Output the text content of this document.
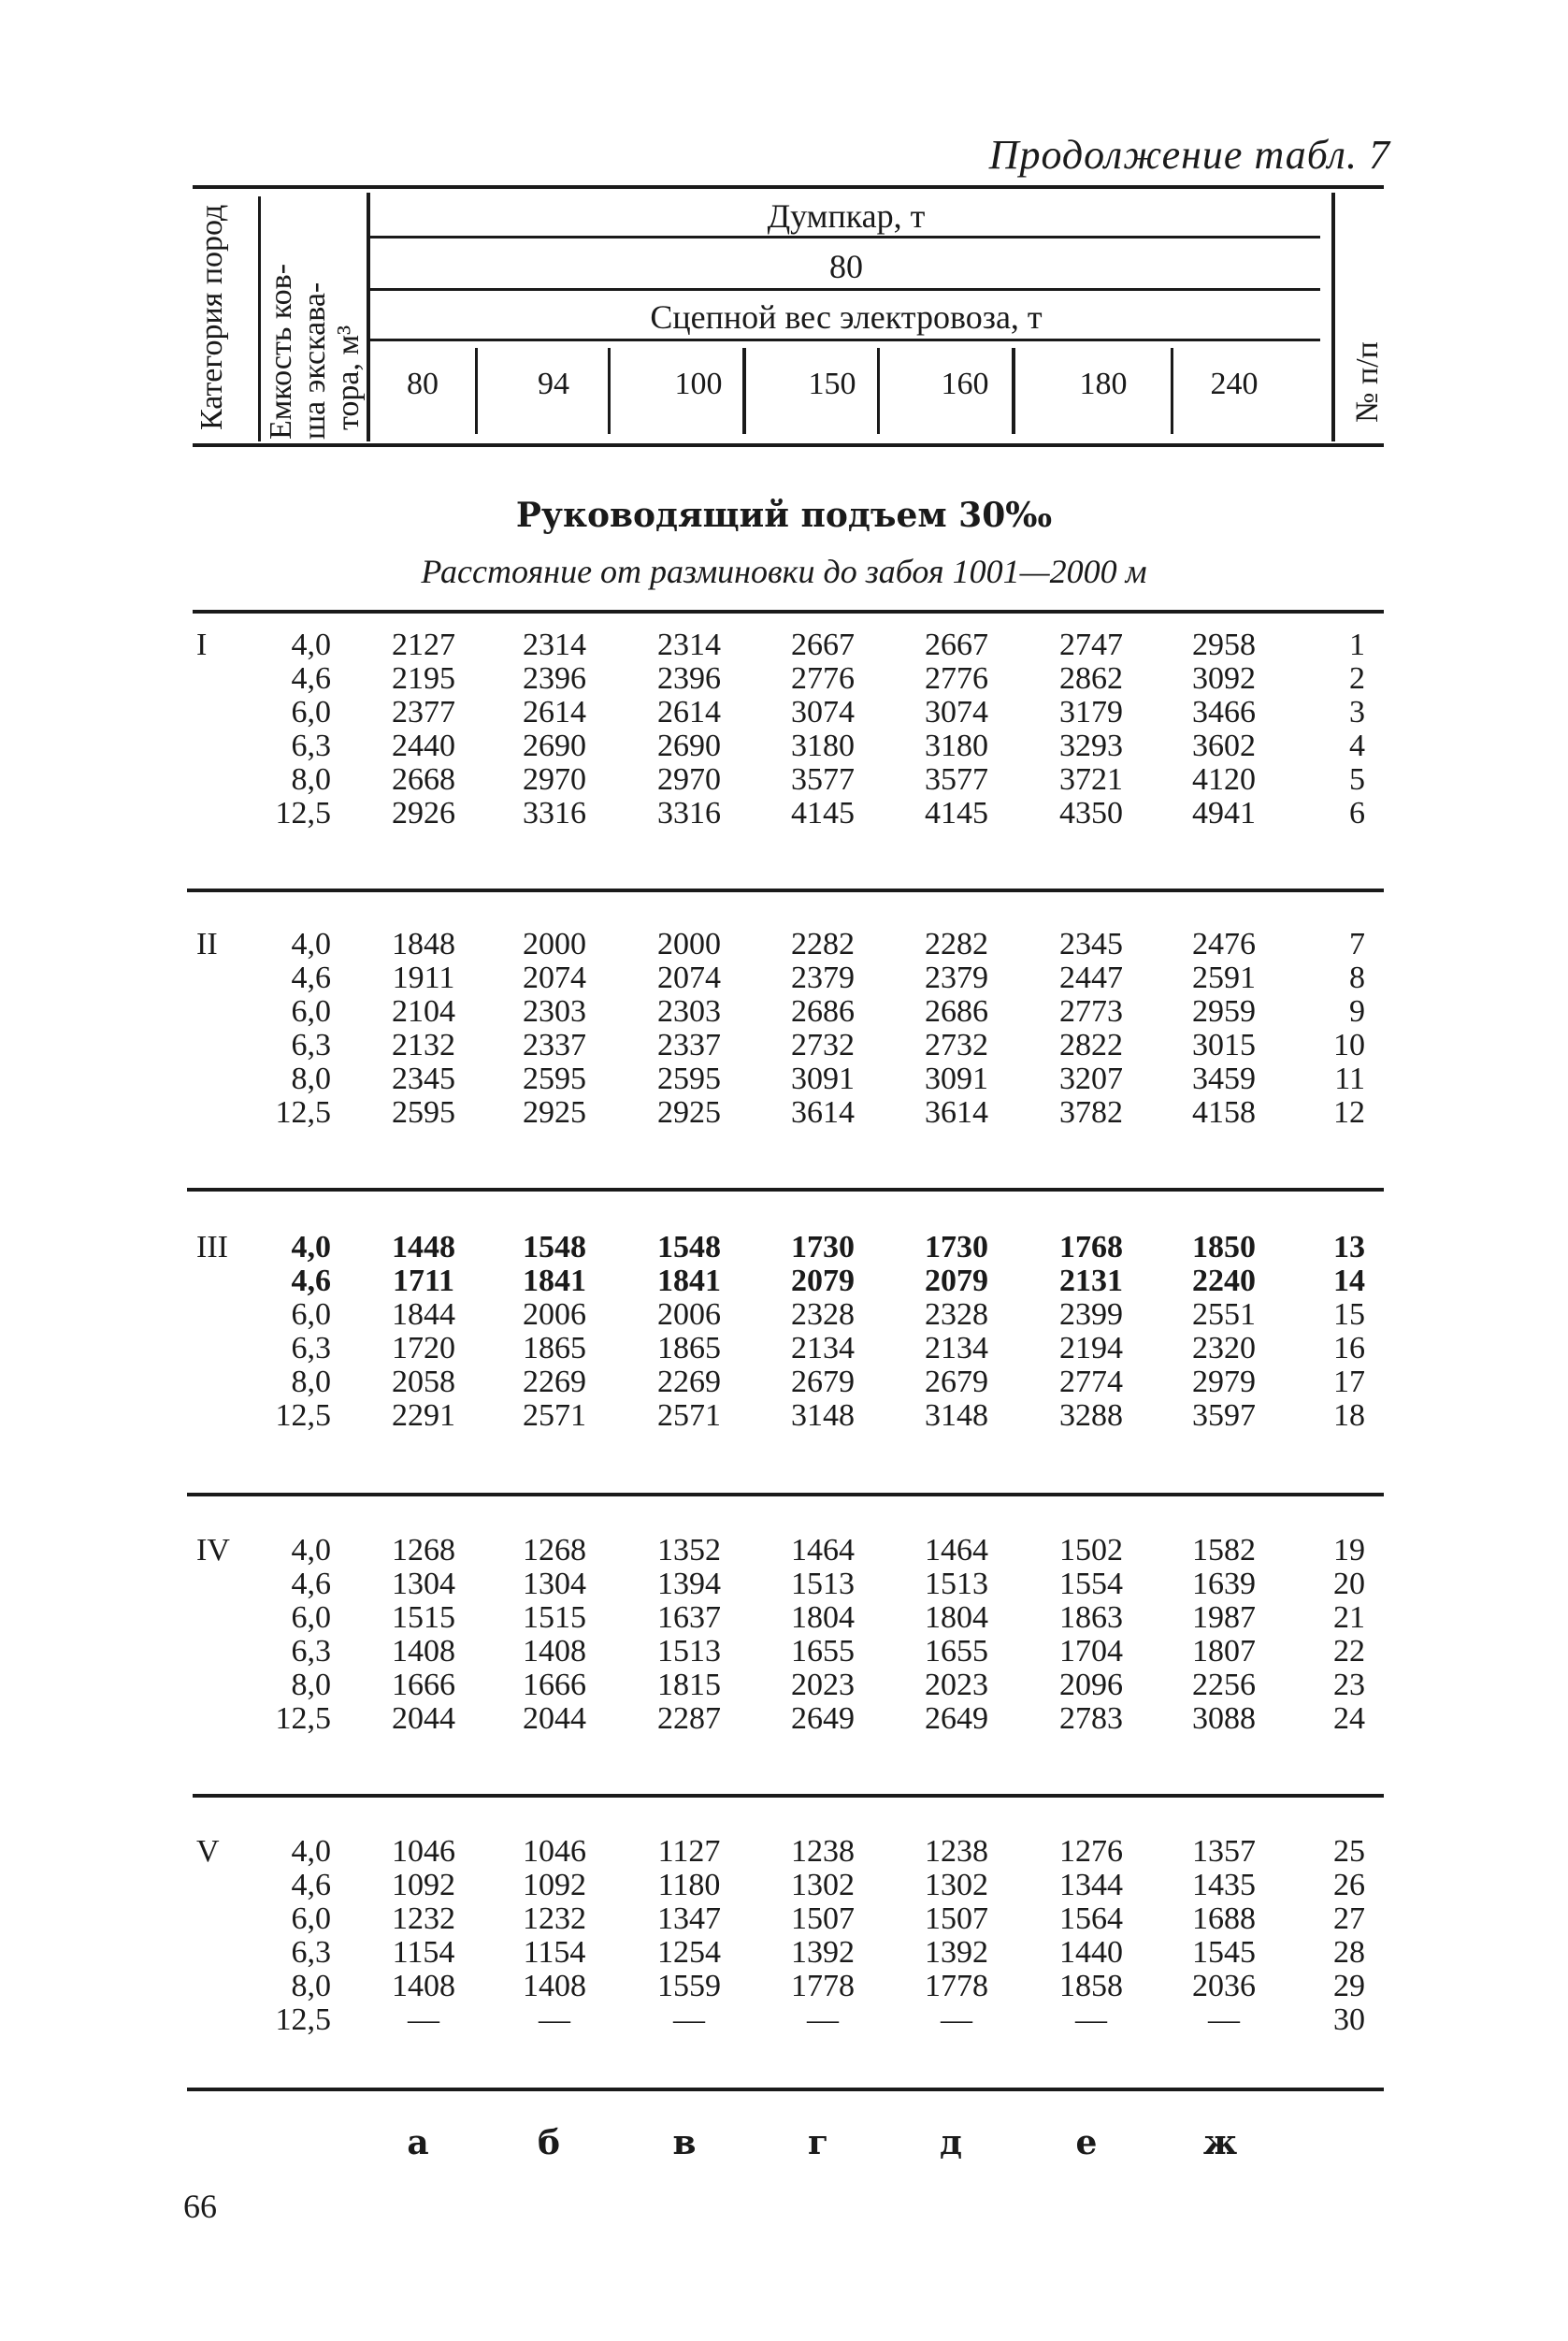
Продолжение табл. 7
Категория пород Емкость ков- ша экскава- тора, м³	№ п/п
Думпкар, т
80
Сцепной вес электровоза, т
80	94	100	150	160	180	240
Руководящий подъем 30‰
Расстояние от разминовки до забоя 1001—2000 м
I	4,0	2127	2314	2314	2667	2667	2747	2958	1
4,6	2195	2396	2396	2776	2776	2862	3092	2
6,0	2377	2614	2614	3074	3074	3179	3466	3
6,3	2440	2690	2690	3180	3180	3293	3602	4
8,0	2668	2970	2970	3577	3577	3721	4120	5
12,5	2926	3316	3316	4145	4145	4350	4941	6
II	4,0	1848	2000	2000	2282	2282	2345	2476	7
4,6	1911	2074	2074	2379	2379	2447	2591	8
6,0	2104	2303	2303	2686	2686	2773	2959	9
6,3	2132	2337	2337	2732	2732	2822	3015	10
8,0	2345	2595	2595	3091	3091	3207	3459	11
12,5	2595	2925	2925	3614	3614	3782	4158	12
III	4,0	1448	1548	1548	1730	1730	1768	1850	13
4,6	1711	1841	1841	2079	2079	2131	2240	14
6,0	1844	2006	2006	2328	2328	2399	2551	15
6,3	1720	1865	1865	2134	2134	2194	2320	16
8,0	2058	2269	2269	2679	2679	2774	2979	17
12,5	2291	2571	2571	3148	3148	3288	3597	18
IV	4,0	1268	1268	1352	1464	1464	1502	1582	19
4,6	1304	1304	1394	1513	1513	1554	1639	20
6,0	1515	1515	1637	1804	1804	1863	1987	21
6,3	1408	1408	1513	1655	1655	1704	1807	22
8,0	1666	1666	1815	2023	2023	2096	2256	23
12,5	2044	2044	2287	2649	2649	2783	3088	24
V	4,0	1046	1046	1127	1238	1238	1276	1357	25
4,6	1092	1092	1180	1302	1302	1344	1435	26
6,0	1232	1232	1347	1507	1507	1564	1688	27
6,3	1154	1154	1254	1392	1392	1440	1545	28
8,0	1408	1408	1559	1778	1778	1858	2036	29
12,5	—	—	—	—	—	—	—	30
а	б	в	г	д	е	ж
66
